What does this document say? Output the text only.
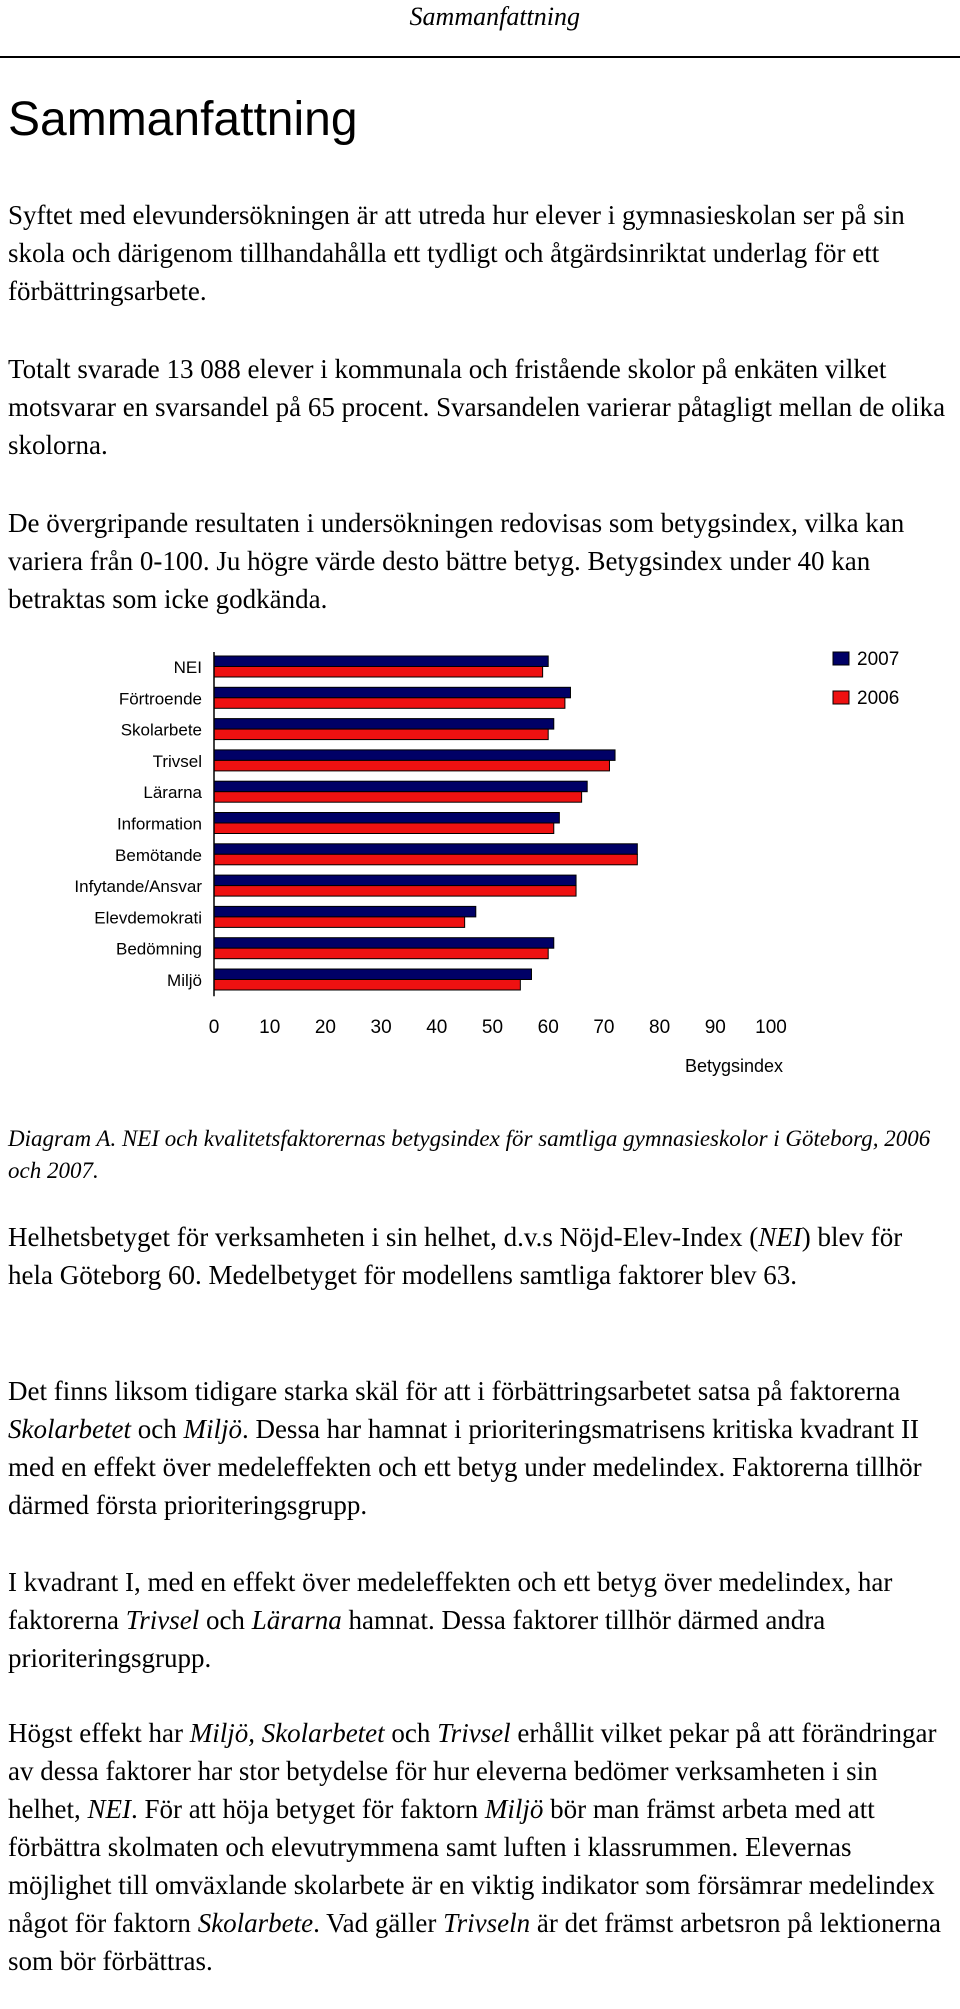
Sammanfattning
Sammanfattning

Syftet med elevundersökningen är att utreda hur elever i gymnasieskolan ser på sin skola och därigenom tillhandahålla ett tydligt och åtgärdsinriktat underlag för ett förbättringsarbete.

Totalt svarade 13 088 elever i kommunala och fristående skolor på enkäten vilket motsvarar en svarsandel på 65 procent. Svarsandelen varierar påtagligt mellan de olika skolorna.

De övergripande resultaten i undersökningen redovisas som betygsindex, vilka kan variera från 0-100. Ju högre värde desto bättre betyg. Betygsindex under 40 kan betraktas som icke godkända.

NEI
Förtroende
Skolarbete
Trivsel
Lärarna
Information
Bemötande
Infytande/Ansvar
Elevdemokrati
Bedömning
Miljö
0 10 20 30 40 50 60 70 80 90 100
Betygsindex
2007
2006

Diagram A. NEI och kvalitetsfaktorernas betygsindex för samtliga gymnasieskolor i Göteborg, 2006 och 2007.

Helhetsbetyget för verksamheten i sin helhet, d.v.s Nöjd-Elev-Index (NEI) blev för hela Göteborg 60. Medelbetyget för modellens samtliga faktorer blev 63.

Det finns liksom tidigare starka skäl för att i förbättringsarbetet satsa på faktorerna Skolarbetet och Miljö. Dessa har hamnat i prioriteringsmatrisens kritiska kvadrant II med en effekt över medeleffekten och ett betyg under medelindex. Faktorerna tillhör därmed första prioriteringsgrupp.

I kvadrant I, med en effekt över medeleffekten och ett betyg över medelindex, har faktorerna Trivsel och Lärarna hamnat. Dessa faktorer tillhör därmed andra prioriteringsgrupp.

Högst effekt har Miljö, Skolarbetet och Trivsel erhållit vilket pekar på att förändringar av dessa faktorer har stor betydelse för hur eleverna bedömer verksamheten i sin helhet, NEI. För att höja betyget för faktorn Miljö bör man främst arbeta med att förbättra skolmaten och elevutrymmena samt luften i klassrummen. Elevernas möjlighet till omväxlande skolarbete är en viktig indikator som försämrar medelindex något för faktorn Skolarbete. Vad gäller Trivseln är det främst arbetsron på lektionerna som bör förbättras.
